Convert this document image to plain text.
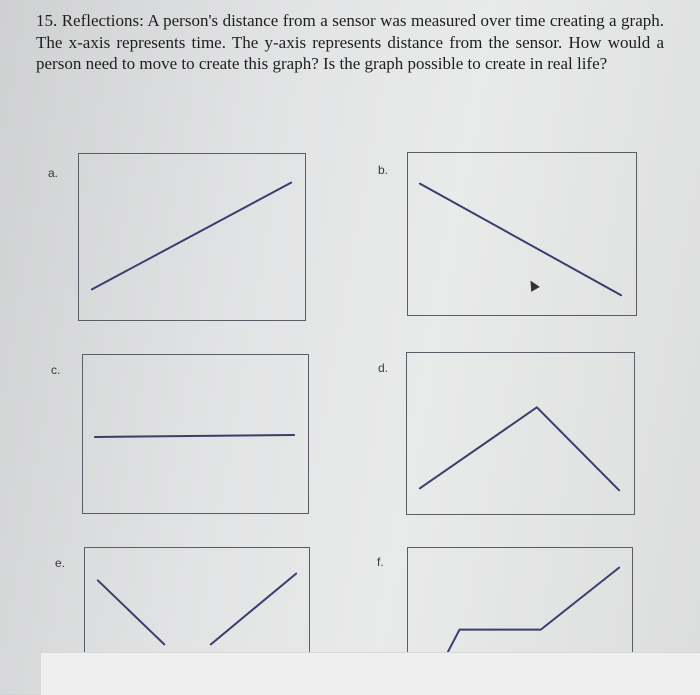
15. Reflections: A person's distance from a sensor was measured over time creating a graph. The x-axis represents time. The y-axis represents distance from the sensor. How would a person need to move to create this graph? Is the graph possible to create in real life?
a.	b.
c.	d.
e.	f.
